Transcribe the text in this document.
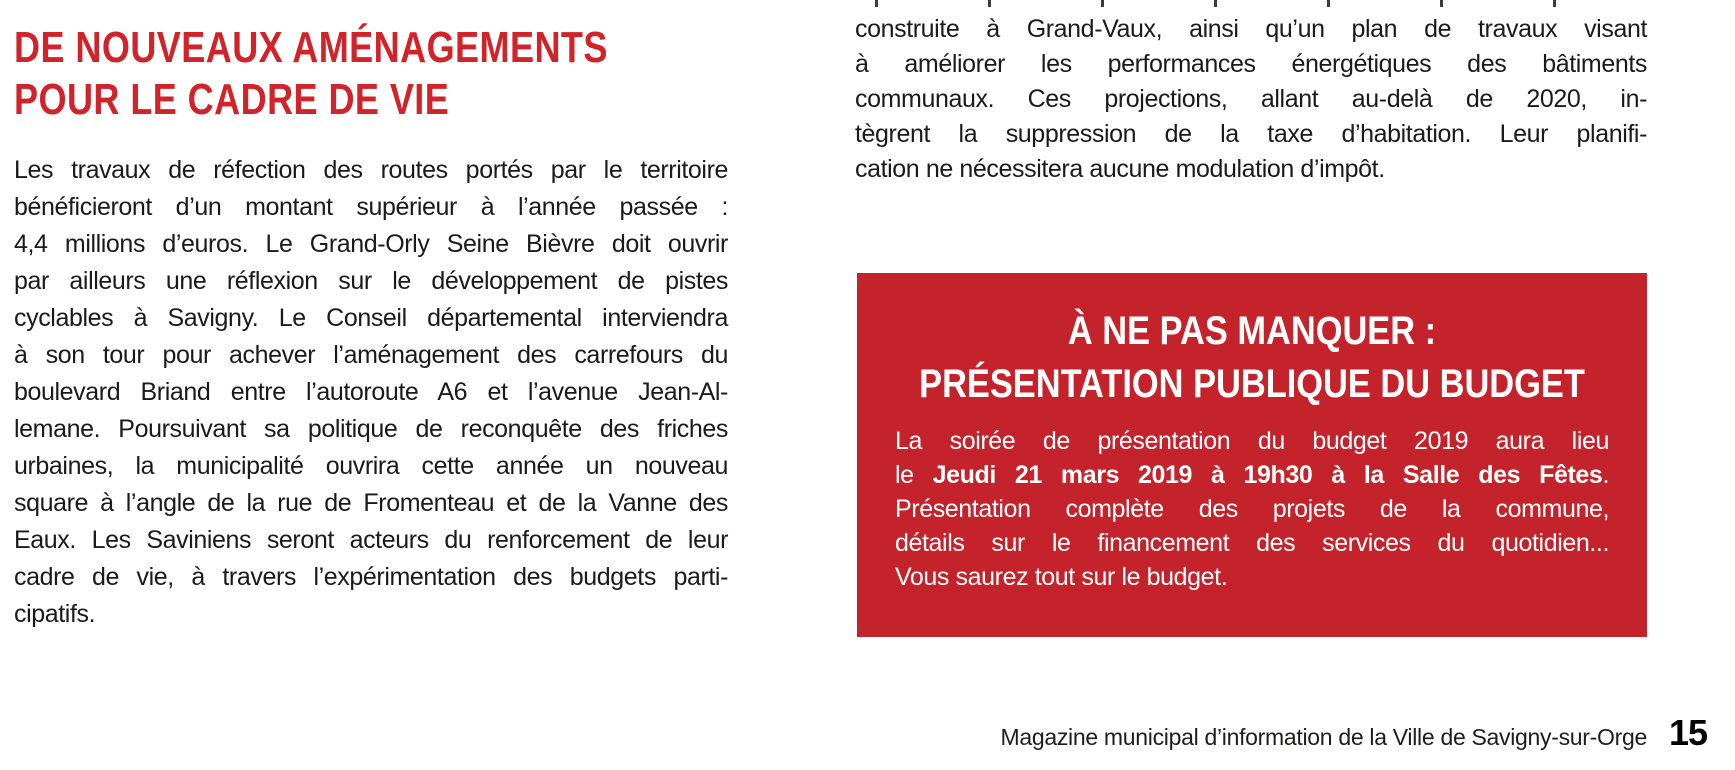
DE NOUVEAUX AMÉNAGEMENTS
POUR LE CADRE DE VIE
Les travaux de réfection des routes portés par le territoire
bénéficieront d’un montant supérieur à l’année passée :
4,4 millions d’euros. Le Grand-Orly Seine Bièvre doit ouvrir
par ailleurs une réflexion sur le développement de pistes
cyclables à Savigny. Le Conseil départemental interviendra
à son tour pour achever l’aménagement des carrefours du
boulevard Briand entre l’autoroute A6 et l’avenue Jean-Al-
lemane. Poursuivant sa politique de reconquête des friches
urbaines, la municipalité ouvrira cette année un nouveau
square à l’angle de la rue de Fromenteau et de la Vanne des
Eaux. Les Saviniens seront acteurs du renforcement de leur
cadre de vie, à travers l’expérimentation des budgets parti-
cipatifs.
construite à Grand-Vaux, ainsi qu’un plan de travaux visant
à améliorer les performances énergétiques des bâtiments
communaux. Ces projections, allant au-delà de 2020, in-
tègrent la suppression de la taxe d’habitation. Leur planifi-
cation ne nécessitera aucune modulation d’impôt.
À NE PAS MANQUER :
PRÉSENTATION PUBLIQUE DU BUDGET
La soirée de présentation du budget 2019 aura lieu
le Jeudi 21 mars 2019 à 19h30 à la Salle des Fêtes.
Présentation complète des projets de la commune,
détails sur le financement des services du quotidien...
Vous saurez tout sur le budget.
Magazine municipal d’information de la Ville de Savigny-sur-Orge 15
